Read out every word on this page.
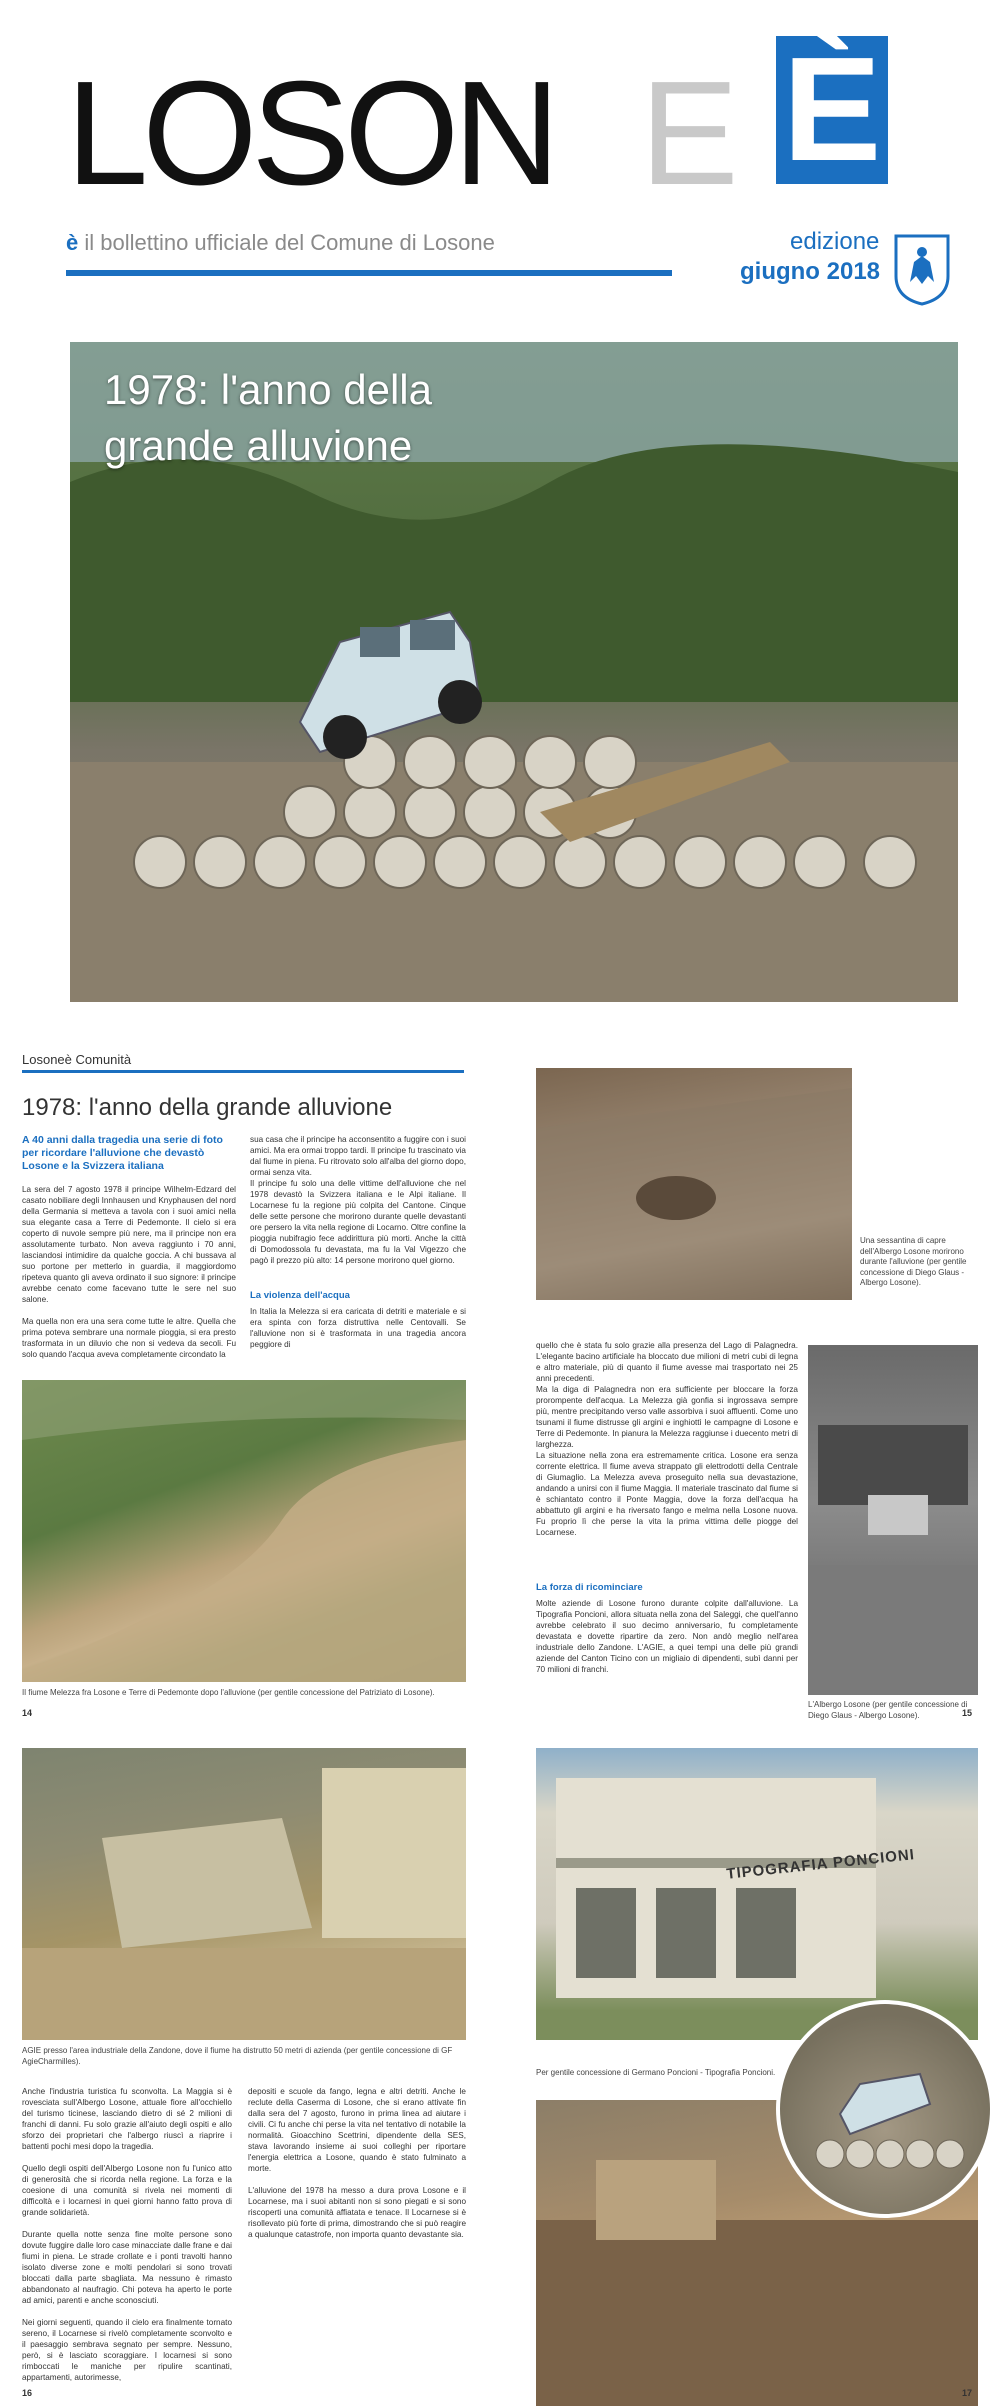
LOSON E È
è il bollettino ufficiale del Comune di Losone	edizione
giugno 2018
1978: l'anno della
grande alluvione
Losoneè Comunità
1978: l'anno della grande alluvione
A 40 anni dalla tragedia una serie di foto per ricordare l'alluvione che devastò Losone e la Svizzera italiana
La sera del 7 agosto 1978 il principe Wilhelm-Edzard del casato nobiliare degli Innhausen und Knyphausen del nord della Germania si metteva a tavola con i suoi amici nella sua elegante casa a Terre di Pedemonte. Il cielo si era coperto di nuvole sempre più nere, ma il principe non era assolutamente turbato. Non aveva raggiunto i 70 anni, lasciandosi intimidire da qualche goccia. A chi bussava al suo portone per metterlo in guardia, il maggiordomo ripeteva quanto gli aveva ordinato il suo signore: il principe avrebbe cenato come facevano tutte le sere nel suo salone.

Ma quella non era una sera come tutte le altre. Quella che prima poteva sembrare una normale pioggia, si era presto trasformata in un diluvio che non si vedeva da secoli. Fu solo quando l'acqua aveva completamente circondato la
sua casa che il principe ha acconsentito a fuggire con i suoi amici. Ma era ormai troppo tardi. Il principe fu trascinato via dal fiume in piena. Fu ritrovato solo all'alba del giorno dopo, ormai senza vita.
Il principe fu solo una delle vittime dell'alluvione che nel 1978 devastò la Svizzera italiana e le Alpi italiane. Il Locarnese fu la regione più colpita del Cantone. Cinque delle sette persone che morirono durante quelle devastanti ore persero la vita nella regione di Locarno. Oltre confine la pioggia nubifragio fece addirittura più morti. Anche la città di Domodossola fu devastata, ma fu la Val Vigezzo che pagò il prezzo più alto: 14 persone morirono quel giorno.
La violenza dell'acqua
In Italia la Melezza si era caricata di detriti e materiale e si era spinta con forza distruttiva nelle Centovalli. Se l'alluvione non si è trasformata in una tragedia ancora peggiore di
Il fiume Melezza fra Losone e Terre di Pedemonte dopo l'alluvione (per gentile concessione del Patriziato di Losone).
14
Una sessantina di capre dell'Albergo Losone morirono durante l'alluvione (per gentile concessione di Diego Glaus - Albergo Losone).
quello che è stata fu solo grazie alla presenza del Lago di Palagnedra. L'elegante bacino artificiale ha bloccato due milioni di metri cubi di legna e altro materiale, più di quanto il fiume avesse mai trasportato nei 25 anni precedenti.
Ma la diga di Palagnedra non era sufficiente per bloccare la forza prorompente dell'acqua. La Melezza già gonfia si ingrossava sempre più, mentre precipitando verso valle assorbiva i suoi affluenti. Come uno tsunami il fiume distrusse gli argini e inghiottì le campagne di Losone e Terre di Pedemonte. In pianura la Melezza raggiunse i duecento metri di larghezza.
La situazione nella zona era estremamente critica. Losone era senza corrente elettrica. Il fiume aveva strappato gli elettrodotti della Centrale di Giumaglio. La Melezza aveva proseguito nella sua devastazione, andando a unirsi con il fiume Maggia. Il materiale trascinato dal fiume si è schiantato contro il Ponte Maggia, dove la forza dell'acqua ha abbattuto gli argini e ha riversato fango e melma nella Losone nuova. Fu proprio lì che perse la vita la prima vittima delle piogge del Locarnese.
La forza di ricominciare
Molte aziende di Losone furono durante colpite dall'alluvione. La Tipografia Poncioni, allora situata nella zona del Saleggi, che quell'anno avrebbe celebrato il suo decimo anniversario, fu completamente devastata e dovette ripartire da zero. Non andò meglio nell'area industriale dello Zandone. L'AGIE, a quei tempi una delle più grandi aziende del Canton Ticino con un migliaio di dipendenti, subì danni per 70 milioni di franchi.
L'Albergo Losone (per gentile concessione di Diego Glaus - Albergo Losone).	15
AGIE presso l'area industriale della Zandone, dove il fiume ha distrutto 50 metri di azienda (per gentile concessione di GF AgieCharmilles).
Anche l'industria turistica fu sconvolta. La Maggia si è rovesciata sull'Albergo Losone, attuale fiore all'occhiello del turismo ticinese, lasciando dietro di sé 2 milioni di franchi di danni. Fu solo grazie all'aiuto degli ospiti e allo sforzo dei proprietari che l'albergo riuscì a riaprire i battenti pochi mesi dopo la tragedia.

Quello degli ospiti dell'Albergo Losone non fu l'unico atto di generosità che si ricorda nella regione. La forza e la coesione di una comunità si rivela nei momenti di difficoltà e i locarnesi in quei giorni hanno fatto prova di grande solidarietà.

Durante quella notte senza fine molte persone sono dovute fuggire dalle loro case minacciate dalle frane e dai fiumi in piena. Le strade crollate e i ponti travolti hanno isolato diverse zone e molti pendolari si sono trovati bloccati dalla parte sbagliata. Ma nessuno è rimasto abbandonato al naufragio. Chi poteva ha aperto le porte ad amici, parenti e anche sconosciuti.

Nei giorni seguenti, quando il cielo era finalmente tornato sereno, il Locarnese si rivelò completamente sconvolto e il paesaggio sembrava segnato per sempre. Nessuno, però, si è lasciato scoraggiare. I locarnesi si sono rimboccati le maniche per ripulire scantinati, appartamenti, autorimesse,
depositi e scuole da fango, legna e altri detriti. Anche le reclute della Caserma di Losone, che si erano attivate fin dalla sera del 7 agosto, furono in prima linea ad aiutare i civili. Ci fu anche chi perse la vita nel tentativo di notabile la normalità. Gioacchino Scettrini, dipendente della SES, stava lavorando insieme ai suoi colleghi per riportare l'energia elettrica a Losone, quando è stato fulminato a morte.

L'alluvione del 1978 ha messo a dura prova Losone e il Locarnese, ma i suoi abitanti non si sono piegati e si sono riscoperti una comunità affiatata e tenace. Il Locarnese si è risollevato più forte di prima, dimostrando che si può reagire a qualunque catastrofe, non importa quanto devastante sia.
16
TIPOGRAFIA PONCIONI
Per gentile concessione di Germano Poncioni - Tipografia Poncioni.
17
